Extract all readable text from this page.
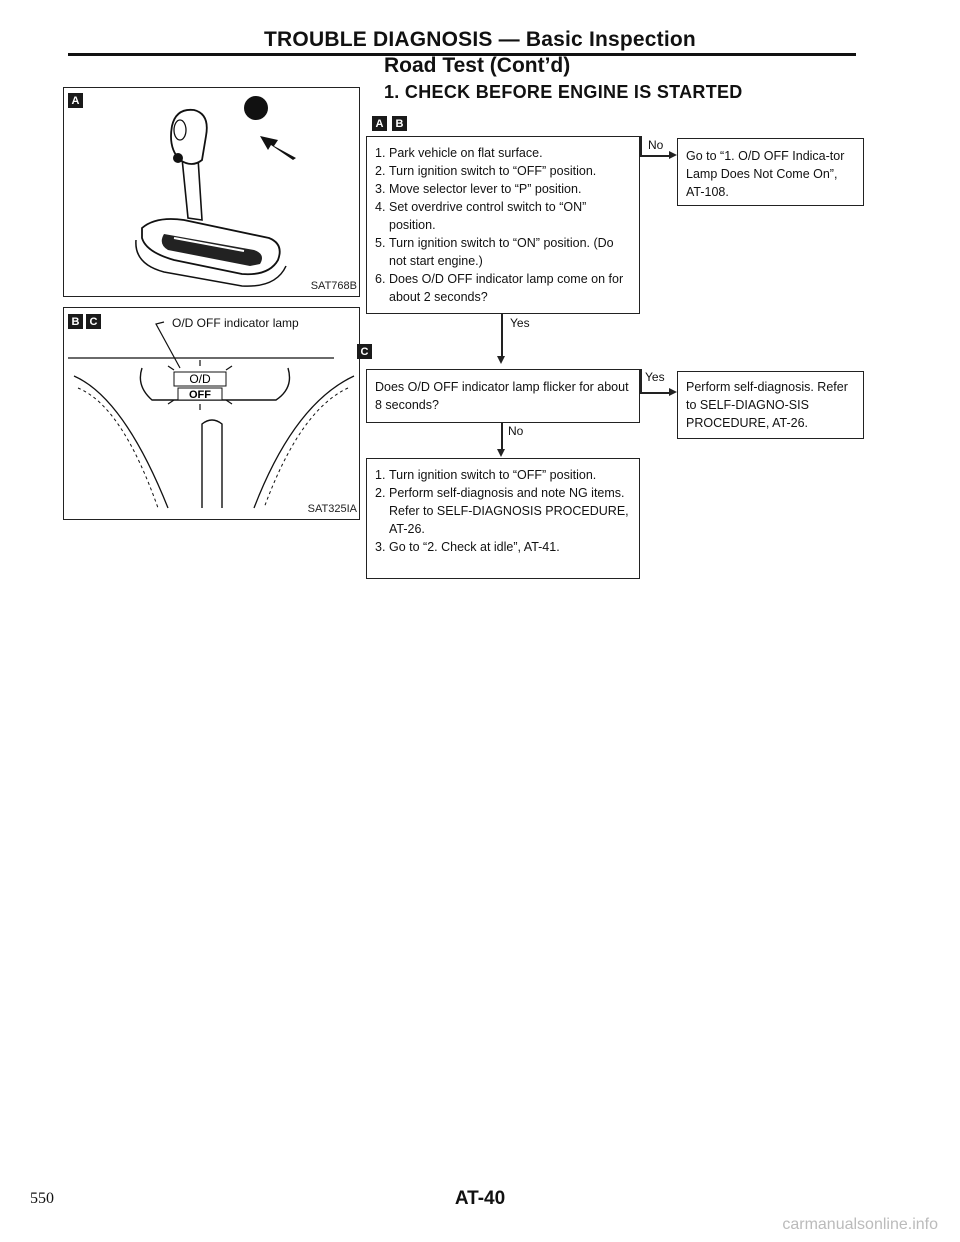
TROUBLE DIAGNOSIS — Basic Inspection
Road Test (Cont’d)
1. CHECK BEFORE ENGINE IS STARTED
A
SAT768B
B C	O/D OFF indicator lamp
O/D
OFF
SAT325IA
A	B
1. Park vehicle on flat surface.
2. Turn ignition switch to “OFF” position.
3. Move selector lever to “P” position.
4. Set overdrive control switch to “ON” position.
5. Turn ignition switch to “ON” position. (Do not start engine.)
6. Does O/D OFF indicator lamp come on for about 2 seconds?
No
Go to “1. O/D OFF Indica-tor Lamp Does Not Come On”, AT-108.
Yes
C
Does O/D OFF indicator lamp flicker for about 8 seconds?
Yes
Perform self-diagnosis. Refer to SELF-DIAGNO-SIS PROCEDURE, AT-26.
No
1. Turn ignition switch to “OFF” position.
2. Perform self-diagnosis and note NG items. Refer to SELF-DIAGNOSIS PROCEDURE, AT-26.
3. Go to “2. Check at idle”, AT-41.
550	AT-40
carmanualsonline.info
